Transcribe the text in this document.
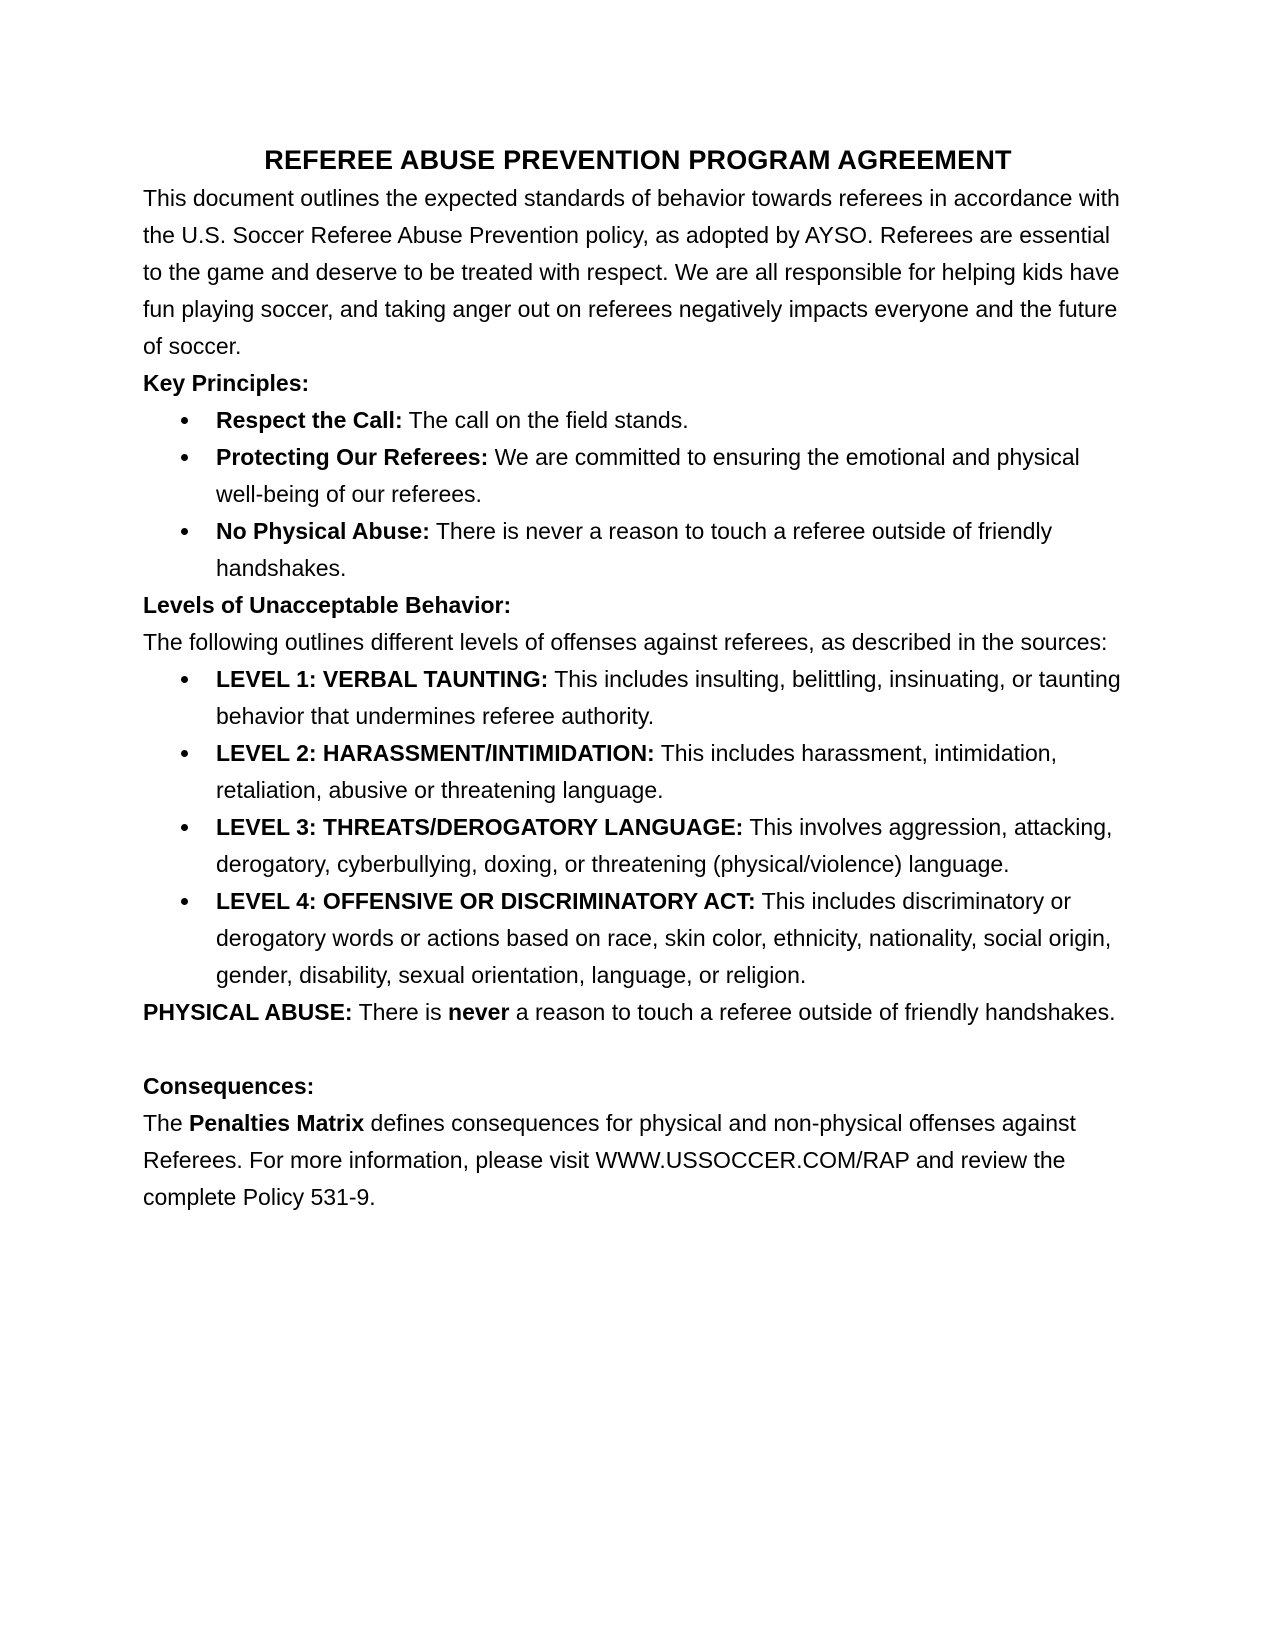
REFEREE ABUSE PREVENTION PROGRAM AGREEMENT

This document outlines the expected standards of behavior towards referees in accordance with the U.S. Soccer Referee Abuse Prevention policy, as adopted by AYSO. Referees are essential to the game and deserve to be treated with respect. We are all responsible for helping kids have fun playing soccer, and taking anger out on referees negatively impacts everyone and the future of soccer.

Key Principles:

Respect the Call: The call on the field stands.
Protecting Our Referees: We are committed to ensuring the emotional and physical well-being of our referees.
No Physical Abuse: There is never a reason to touch a referee outside of friendly handshakes.

Levels of Unacceptable Behavior:

The following outlines different levels of offenses against referees, as described in the sources:

LEVEL 1: VERBAL TAUNTING: This includes insulting, belittling, insinuating, or taunting behavior that undermines referee authority.
LEVEL 2: HARASSMENT/INTIMIDATION: This includes harassment, intimidation, retaliation, abusive or threatening language.
LEVEL 3: THREATS/DEROGATORY LANGUAGE: This involves aggression, attacking, derogatory, cyberbullying, doxing, or threatening (physical/violence) language.
LEVEL 4: OFFENSIVE OR DISCRIMINATORY ACT: This includes discriminatory or derogatory words or actions based on race, skin color, ethnicity, nationality, social origin, gender, disability, sexual orientation, language, or religion.

PHYSICAL ABUSE: There is never a reason to touch a referee outside of friendly handshakes.

Consequences:

The Penalties Matrix defines consequences for physical and non-physical offenses against Referees. For more information, please visit WWW.USSOCCER.COM/RAP and review the complete Policy 531-9.
